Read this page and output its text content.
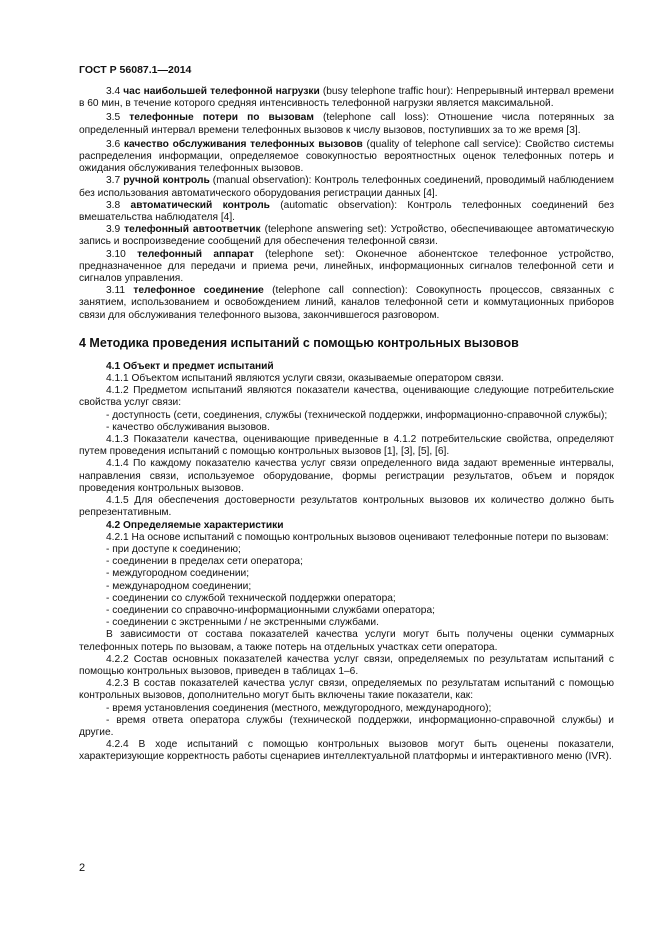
ГОСТ Р 56087.1—2014

3.4 час наибольшей телефонной нагрузки (busy telephone traffic hour): Непрерывный интервал времени в 60 мин, в течение которого средняя интенсивность телефонной нагрузки является максимальной.

3.5 телефонные потери по вызовам (telephone call loss): Отношение числа потерянных за определенный интервал времени телефонных вызовов к числу вызовов, поступивших за то же время [3].

3.6 качество обслуживания телефонных вызовов (quality of telephone call service): Свойство системы распределения информации, определяемое совокупностью вероятностных оценок телефонных потерь и ожидания обслуживания телефонных вызовов.

3.7 ручной контроль (manual observation): Контроль телефонных соединений, проводимый наблюдением без использования автоматического оборудования регистрации данных [4].

3.8 автоматический контроль (automatic observation): Контроль телефонных соединений без вмешательства наблюдателя [4].

3.9 телефонный автоответчик (telephone answering set): Устройство, обеспечивающее автоматическую запись и воспроизведение сообщений для обеспечения телефонной связи.

3.10 телефонный аппарат (telephone set): Оконечное абонентское телефонное устройство, предназначенное для передачи и приема речи, линейных, информационных сигналов телефонной сети и сигналов управления.

3.11 телефонное соединение (telephone call connection): Совокупность процессов, связанных с занятием, использованием и освобождением линий, каналов телефонной сети и коммутационных приборов связи для обслуживания телефонного вызова, закончившегося разговором.

4 Методика проведения испытаний с помощью контрольных вызовов

4.1 Объект и предмет испытаний

4.1.1 Объектом испытаний являются услуги связи, оказываемые оператором связи.

4.1.2 Предметом испытаний являются показатели качества, оценивающие следующие потребительские свойства услуг связи:

- доступность (сети, соединения, службы (технической поддержки, информационно-справочной службы);

- качество обслуживания вызовов.

4.1.3 Показатели качества, оценивающие приведенные в 4.1.2 потребительские свойства, определяют путем проведения испытаний с помощью контрольных вызовов [1], [3], [5], [6].

4.1.4 По каждому показателю качества услуг связи определенного вида задают временные интервалы, направления связи, используемое оборудование, формы регистрации результатов, объем и порядок проведения контрольных вызовов.

4.1.5 Для обеспечения достоверности результатов контрольных вызовов их количество должно быть репрезентативным.

4.2 Определяемые характеристики

4.2.1 На основе испытаний с помощью контрольных вызовов оценивают телефонные потери по вызовам:

- при доступе к соединению;

- соединении в пределах сети оператора;

- междугородном соединении;

- международном соединении;

- соединении со службой технической поддержки оператора;

- соединении со справочно-информационными службами оператора;

- соединении с экстренными / не экстренными службами.

В зависимости от состава показателей качества услуги могут быть получены оценки суммарных телефонных потерь по вызовам, а также потерь на отдельных участках сети оператора.

4.2.2 Состав основных показателей качества услуг связи, определяемых по результатам испытаний с помощью контрольных вызовов, приведен в таблицах 1–6.

4.2.3 В состав показателей качества услуг связи, определяемых по результатам испытаний с помощью контрольных вызовов, дополнительно могут быть включены такие показатели, как:

- время установления соединения (местного, междугородного, международного);

- время ответа оператора службы (технической поддержки, информационно-справочной службы) и другие.

4.2.4 В ходе испытаний с помощью контрольных вызовов могут быть оценены показатели, характеризующие корректность работы сценариев интеллектуальной платформы и интерактивного меню (IVR).

2
